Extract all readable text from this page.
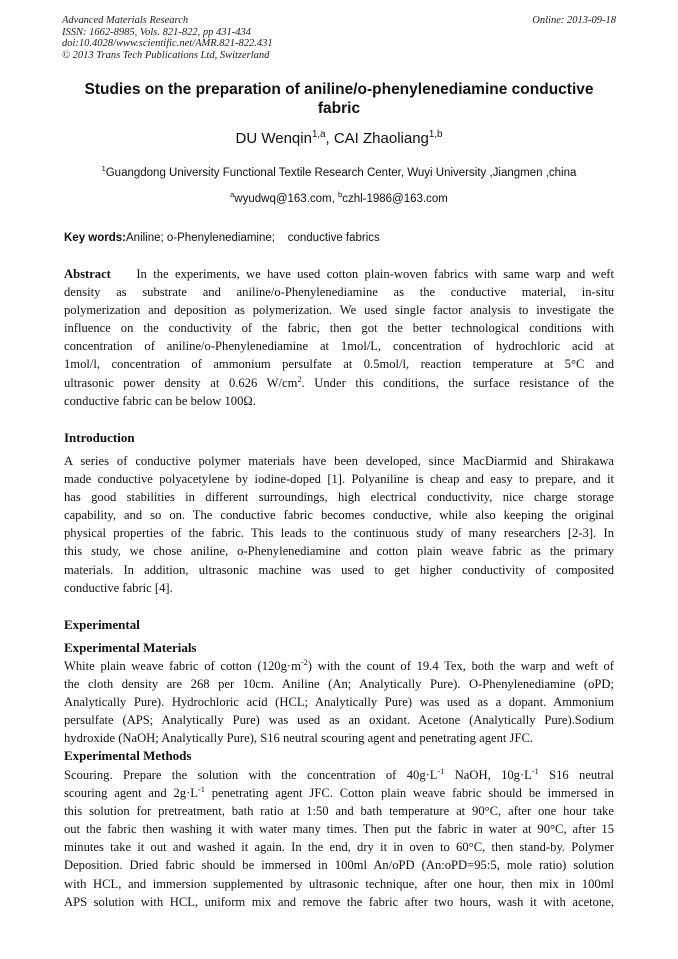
Advanced Materials Research
ISSN: 1662-8985, Vols. 821-822, pp 431-434
doi:10.4028/www.scientific.net/AMR.821-822.431
© 2013 Trans Tech Publications Ltd, Switzerland
Online: 2013-09-18
Studies on the preparation of aniline/o-phenylenediamine conductive fabric
DU Wenqin$^{1,a}$, CAI Zhaoliang$^{1,b}$
$^1$Guangdong University Functional Textile Research Center, Wuyi University ,Jiangmen ,china
$^a$wyudwq@163.com, $^b$czhl-1986@163.com
Key words:Aniline; o-Phenylenediamine;    conductive fabrics
Abstract In the experiments, we have used cotton plain-woven fabrics with same warp and weft
density as substrate and aniline/o-Phenylenediamine as the conductive material, in-situ
polymerization and deposition as polymerization. We used single factor analysis to investigate the
influence on the conductivity of the fabric, then got the better technological conditions with
concentration of aniline/o-Phenylenediamine at 1mol/L, concentration of hydrochloric acid at
1mol/l, concentration of ammonium persulfate at 0.5mol/l, reaction temperature at 5°C and
ultrasonic power density at 0.626 $W/cm^2$. Under this conditions, the surface resistance of the
conductive fabric can be below 100Ω.
Introduction
A series of conductive polymer materials have been developed, since MacDiarmid and Shirakawa
made conductive polyacetylene by iodine-doped [1]. Polyaniline is cheap and easy to prepare, and it
has good stabilities in different surroundings, high electrical conductivity, nice charge storage
capability, and so on. The conductive fabric becomes conductive, while also keeping the original
physical properties of the fabric. This leads to the continuous study of many researchers [2-3]. In
this study, we chose aniline, o-Phenylenediamine and cotton plain weave fabric as the primary
materials. In addition, ultrasonic machine was used to get higher conductivity of composited
conductive fabric [4].
Experimental
Experimental Materials
White plain weave fabric of cotton $(120g\cdot m^{-2})$ with the count of 19.4 Tex, both the warp and weft of
the cloth density are 268 per 10cm. Aniline (An; Analytically Pure). O-Phenylenediamine (oPD;
Analytically Pure). Hydrochloric acid (HCL; Analytically Pure) was used as a dopant. Ammonium
persulfate (APS; Analytically Pure) was used as an oxidant. Acetone (Analytically Pure).Sodium
hydroxide (NaOH; Analytically Pure), S16 neutral scouring agent and penetrating agent JFC.
Experimental Methods
Scouring. Prepare the solution with the concentration of $40g\cdot L^{-1}$ NaOH, $10g\cdot L^{-1}$ S16 neutral
scouring agent and $2g\cdot L^{-1}$ penetrating agent JFC. Cotton plain weave fabric should be immersed in
this solution for pretreatment, bath ratio at 1:50 and bath temperature at 90°C, after one hour take
out the fabric then washing it with water many times. Then put the fabric in water at 90°C, after 15
minutes take it out and washed it again. In the end, dry it in oven to 60°C, then stand-by. Polymer
Deposition. Dried fabric should be immersed in 100ml An/oPD (An:oPD=95:5, mole ratio) solution
with HCL, and immersion supplemented by ultrasonic technique, after one hour, then mix in 100ml
APS solution with HCL, uniform mix and remove the fabric after two hours, wash it with acetone,
